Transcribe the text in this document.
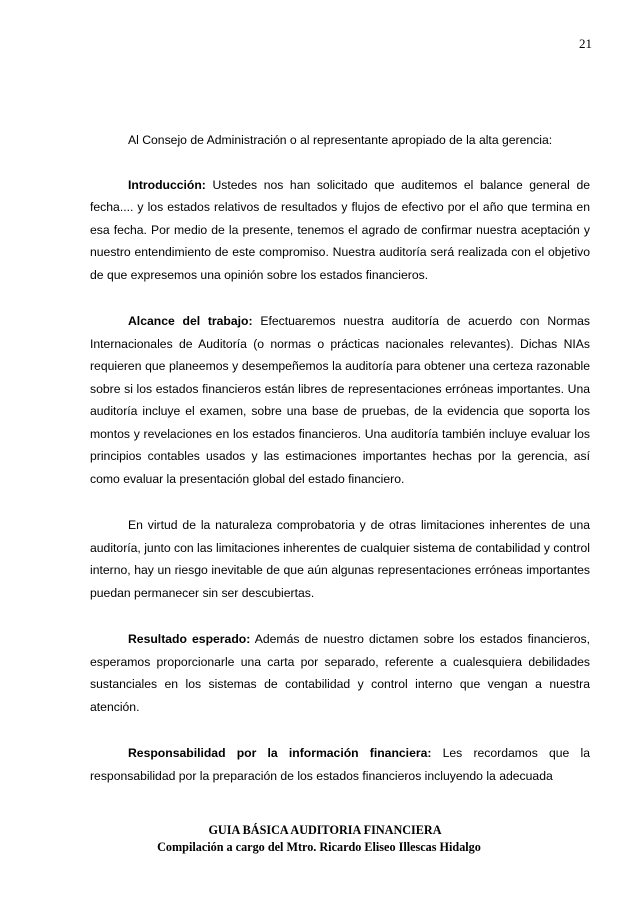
21

Al Consejo de Administración o al representante apropiado de la alta gerencia:

Introducción: Ustedes nos han solicitado que auditemos el balance general de fecha.... y los estados relativos de resultados y flujos de efectivo por el año que termina en esa fecha. Por medio de la presente, tenemos el agrado de confirmar nuestra aceptación y nuestro entendimiento de este compromiso. Nuestra auditoría será realizada con el objetivo de que expresemos una opinión sobre los estados financieros.

Alcance del trabajo: Efectuaremos nuestra auditoría de acuerdo con Normas Internacionales de Auditoría (o normas o prácticas nacionales relevantes). Dichas NIAs requieren que planeemos y desempeñemos la auditoría para obtener una certeza razonable sobre si los estados financieros están libres de representaciones erróneas importantes. Una auditoría incluye el examen, sobre una base de pruebas, de la evidencia que soporta los montos y revelaciones en los estados financieros. Una auditoría también incluye evaluar los principios contables usados y las estimaciones importantes hechas por la gerencia, así como evaluar la presentación global del estado financiero.

En virtud de la naturaleza comprobatoria y de otras limitaciones inherentes de una auditoría, junto con las limitaciones inherentes de cualquier sistema de contabilidad y control interno, hay un riesgo inevitable de que aún algunas representaciones erróneas importantes puedan permanecer sin ser descubiertas.

Resultado esperado: Además de nuestro dictamen sobre los estados financieros, esperamos proporcionarle una carta por separado, referente a cualesquiera debilidades sustanciales en los sistemas de contabilidad y control interno que vengan a nuestra atención.

Responsabilidad por la información financiera: Les recordamos que la responsabilidad por la preparación de los estados financieros incluyendo la adecuada

GUIA BÁSICA AUDITORIA FINANCIERA
Compilación a cargo del Mtro. Ricardo Eliseo Illescas Hidalgo
